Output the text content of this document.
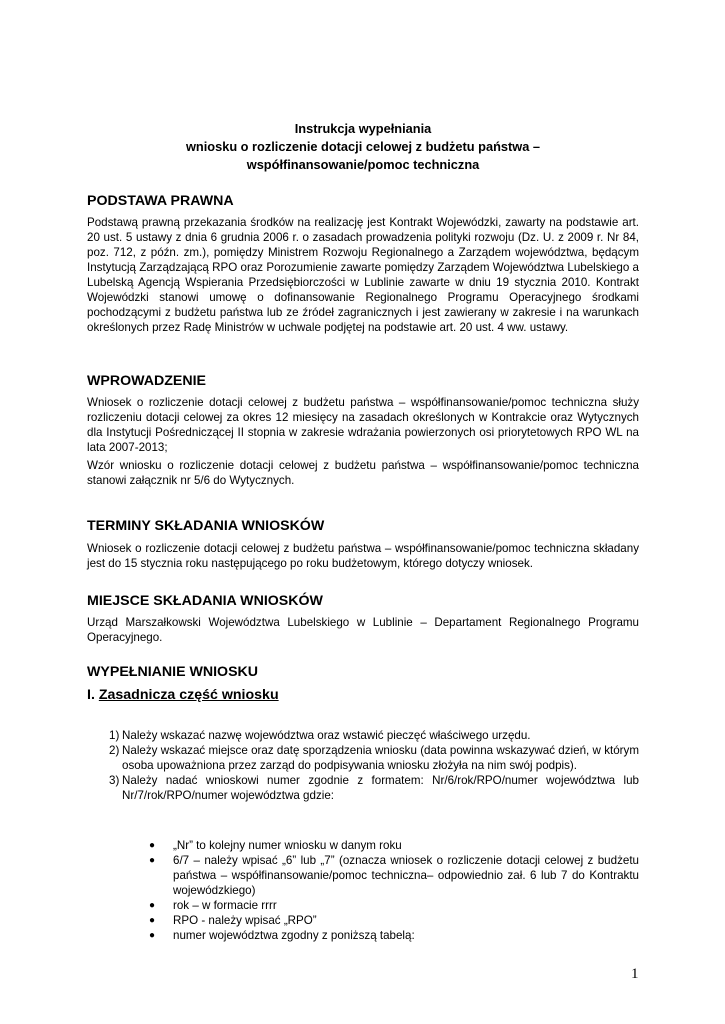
Instrukcja wypełniania
wniosku o rozliczenie dotacji celowej z budżetu państwa –
współfinansowanie/pomoc techniczna
PODSTAWA PRAWNA

Podstawą prawną przekazania środków na realizację jest Kontrakt Wojewódzki, zawarty na podstawie art. 20 ust. 5 ustawy z dnia 6 grudnia 2006 r. o zasadach prowadzenia polityki rozwoju (Dz. U. z 2009 r. Nr 84, poz. 712, z późn. zm.), pomiędzy Ministrem Rozwoju Regionalnego a Zarządem województwa, będącym Instytucją Zarządzającą RPO oraz Porozumienie zawarte pomiędzy Zarządem Województwa Lubelskiego a Lubelską Agencją Wspierania Przedsiębiorczości w Lublinie zawarte w dniu 19 stycznia 2010. Kontrakt Wojewódzki stanowi umowę o dofinansowanie Regionalnego Programu Operacyjnego środkami pochodzącymi z budżetu państwa lub ze źródeł zagranicznych i jest zawierany w zakresie i na warunkach określonych przez Radę Ministrów w uchwale podjętej na podstawie art. 20 ust. 4 ww. ustawy.

WPROWADZENIE

Wniosek o rozliczenie dotacji celowej z budżetu państwa – współfinansowanie/pomoc techniczna służy rozliczeniu dotacji celowej za okres 12 miesięcy na zasadach określonych w Kontrakcie oraz Wytycznych dla Instytucji Pośredniczącej II stopnia w zakresie wdrażania powierzonych osi priorytetowych RPO WL na lata 2007-2013;

Wzór wniosku o rozliczenie dotacji celowej z budżetu państwa – współfinansowanie/pomoc techniczna stanowi załącznik nr 5/6 do Wytycznych.

TERMINY SKŁADANIA WNIOSKÓW

Wniosek o rozliczenie dotacji celowej z budżetu państwa – współfinansowanie/pomoc techniczna składany jest do 15 stycznia roku następującego po roku budżetowym, którego dotyczy wniosek.

MIEJSCE SKŁADANIA WNIOSKÓW

Urząd Marszałkowski Województwa Lubelskiego w Lublinie – Departament Regionalnego Programu Operacyjnego.

WYPEŁNIANIE WNIOSKU
I. Zasadnicza część wniosku
1) Należy wskazać nazwę województwa oraz wstawić pieczęć właściwego urzędu.
2) Należy wskazać miejsce oraz datę sporządzenia wniosku (data powinna wskazywać dzień, w którym osoba upoważniona przez zarząd do podpisywania wniosku złożyła na nim swój podpis).
3) Należy nadać wnioskowi numer zgodnie z formatem: Nr/6/rok/RPO/numer województwa lub Nr/7/rok/RPO/numer województwa gdzie:
● „Nr” to kolejny numer wniosku w danym roku
● 6/7 – należy wpisać „6” lub „7” (oznacza wniosek o rozliczenie dotacji celowej z budżetu państwa – współfinansowanie/pomoc techniczna– odpowiednio zał. 6 lub 7 do Kontraktu wojewódzkiego)
● rok – w formacie rrrr
● RPO - należy wpisać „RPO”
● numer województwa zgodny z poniższą tabelą:
1
